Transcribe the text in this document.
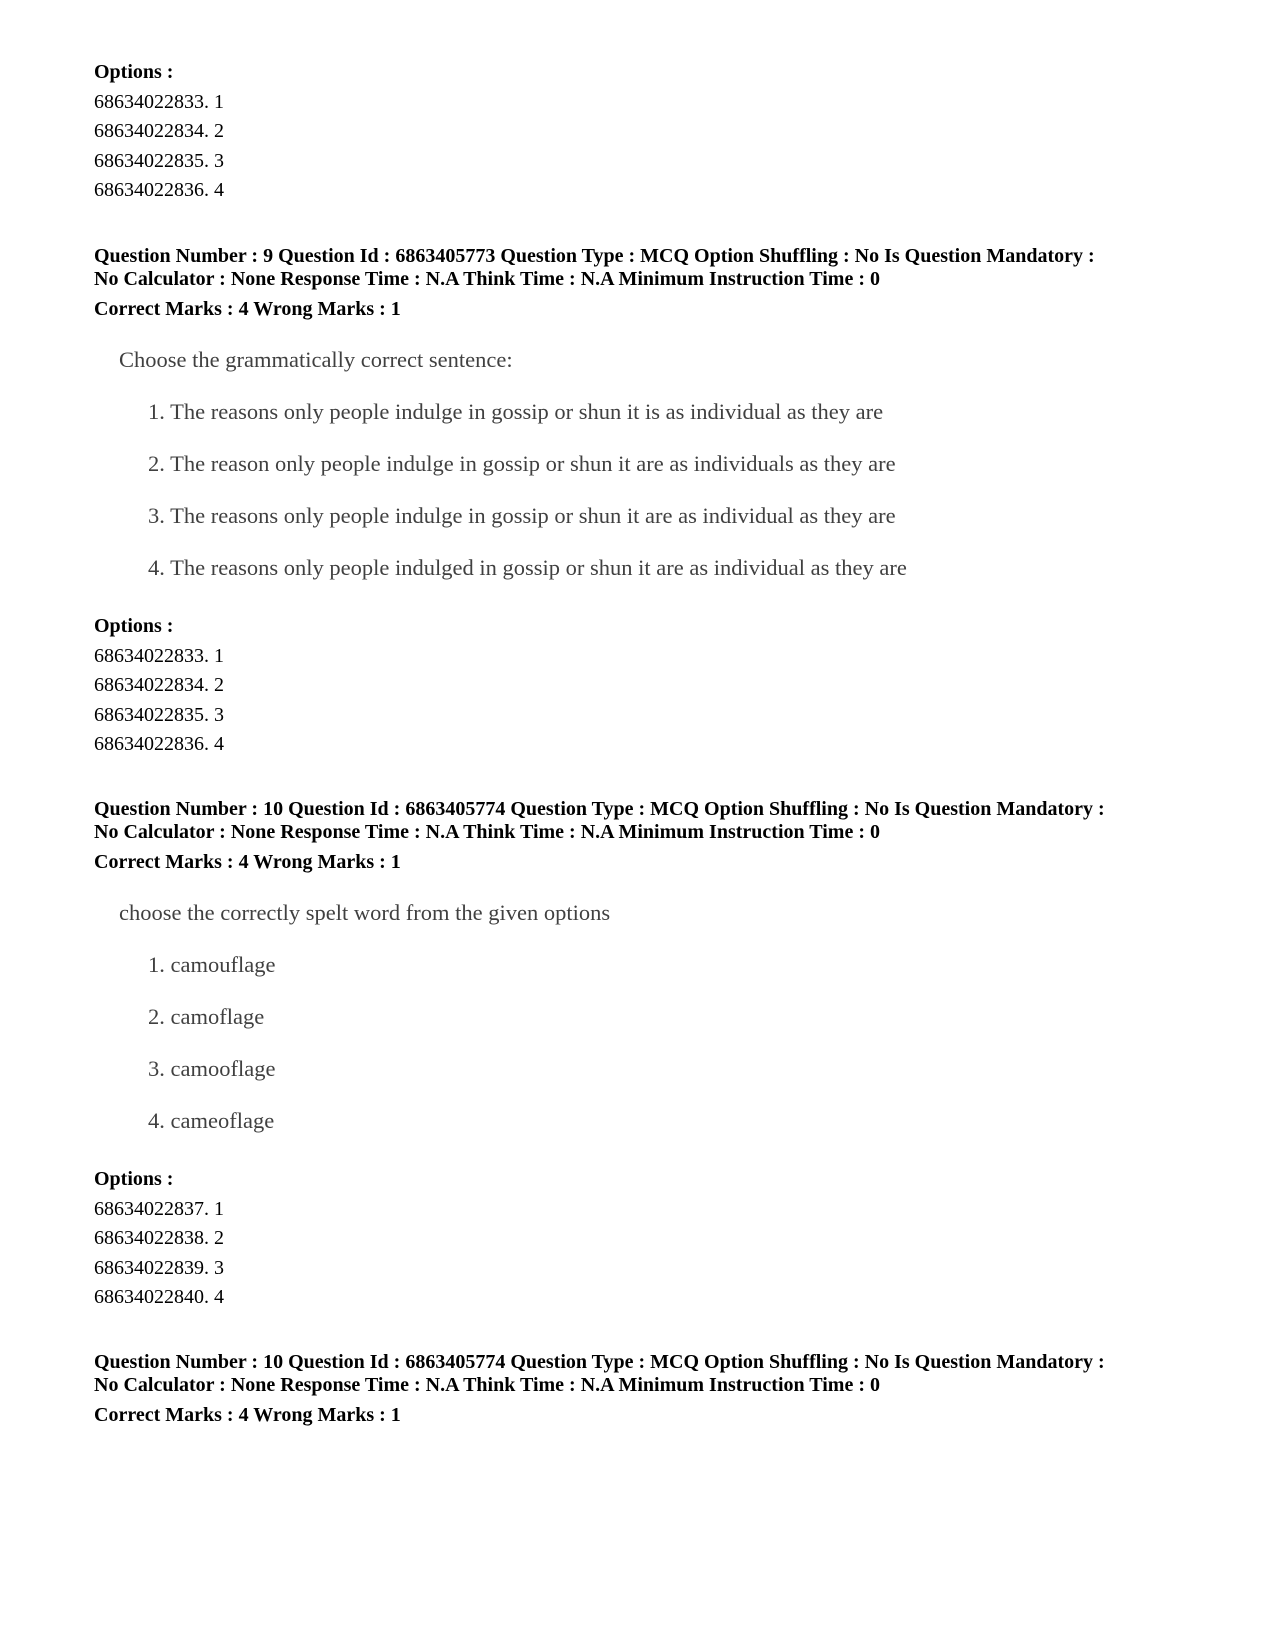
Options :
68634022833. 1
68634022834. 2
68634022835. 3
68634022836. 4
Question Number : 9 Question Id : 6863405773 Question Type : MCQ Option Shuffling : No Is Question Mandatory :
No Calculator : None Response Time : N.A Think Time : N.A Minimum Instruction Time : 0
Correct Marks : 4 Wrong Marks : 1
Choose the grammatically correct sentence:
1. The reasons only people indulge in gossip or shun it is as individual as they are
2. The reason only people indulge in gossip or shun it are as individuals as they are
3. The reasons only people indulge in gossip or shun it are as individual as they are
4. The reasons only people indulged in gossip or shun it are as individual as they are
Options :
68634022833. 1
68634022834. 2
68634022835. 3
68634022836. 4
Question Number : 10 Question Id : 6863405774 Question Type : MCQ Option Shuffling : No Is Question Mandatory :
No Calculator : None Response Time : N.A Think Time : N.A Minimum Instruction Time : 0
Correct Marks : 4 Wrong Marks : 1
choose the correctly spelt word from the given options
1. camouflage
2. camoflage
3. camooflage
4. cameoflage
Options :
68634022837. 1
68634022838. 2
68634022839. 3
68634022840. 4
Question Number : 10 Question Id : 6863405774 Question Type : MCQ Option Shuffling : No Is Question Mandatory :
No Calculator : None Response Time : N.A Think Time : N.A Minimum Instruction Time : 0
Correct Marks : 4 Wrong Marks : 1
